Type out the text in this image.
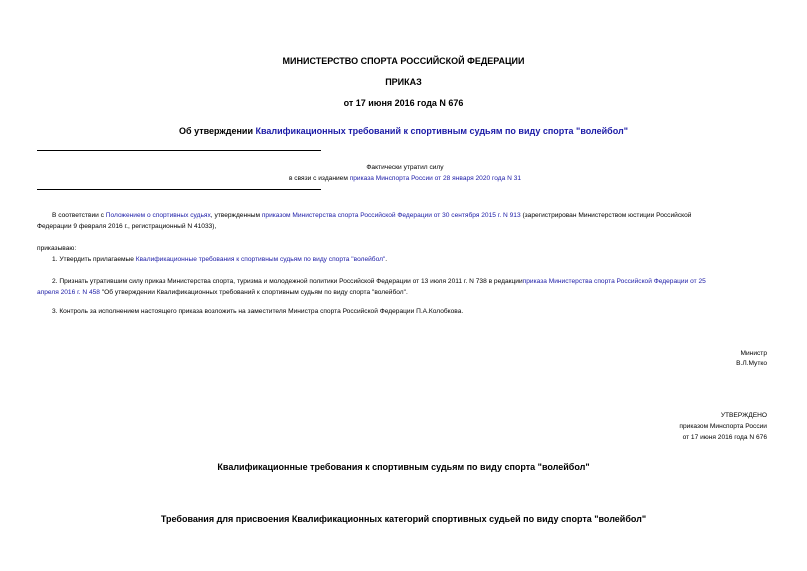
МИНИСТЕРСТВО СПОРТА РОССИЙСКОЙ ФЕДЕРАЦИИ
ПРИКАЗ
от 17 июня 2016 года N 676
Об утверждении Квалификационных требований к спортивным судьям по виду спорта "волейбол"
Фактически утратил силу
в связи с изданием приказа Минспорта России от 28 января 2020 года N 31
В соответствии с Положением о спортивных судьях, утвержденным приказом Министерства спорта Российской Федерации от 30 сентября 2015 г. N 913 (зарегистрирован Министерством юстиции Российской
Федерации 9 февраля 2016 г., регистрационный N 41033),
приказываю:
1. Утвердить прилагаемые Квалификационные требования к спортивным судьям по виду спорта "волейбол".
2. Признать утратившим силу приказ Министерства спорта, туризма и молодежной политики Российской Федерации от 13 июля 2011 г. N 738 в редакцииприказа Министерства спорта Российской Федерации от 25
апреля 2016 г. N 458 "Об утверждении Квалификационных требований к спортивным судьям по виду спорта "волейбол".
3. Контроль за исполнением настоящего приказа возложить на заместителя Министра спорта Российской Федерации П.А.Колобкова.
Министр
В.Л.Мутко
УТВЕРЖДЕНО
приказом Минспорта России
от 17 июня 2016 года N 676
Квалификационные требования к спортивным судьям по виду спорта "волейбол"
Требования для присвоения Квалификационных категорий спортивных судьей по виду спорта "волейбол"
